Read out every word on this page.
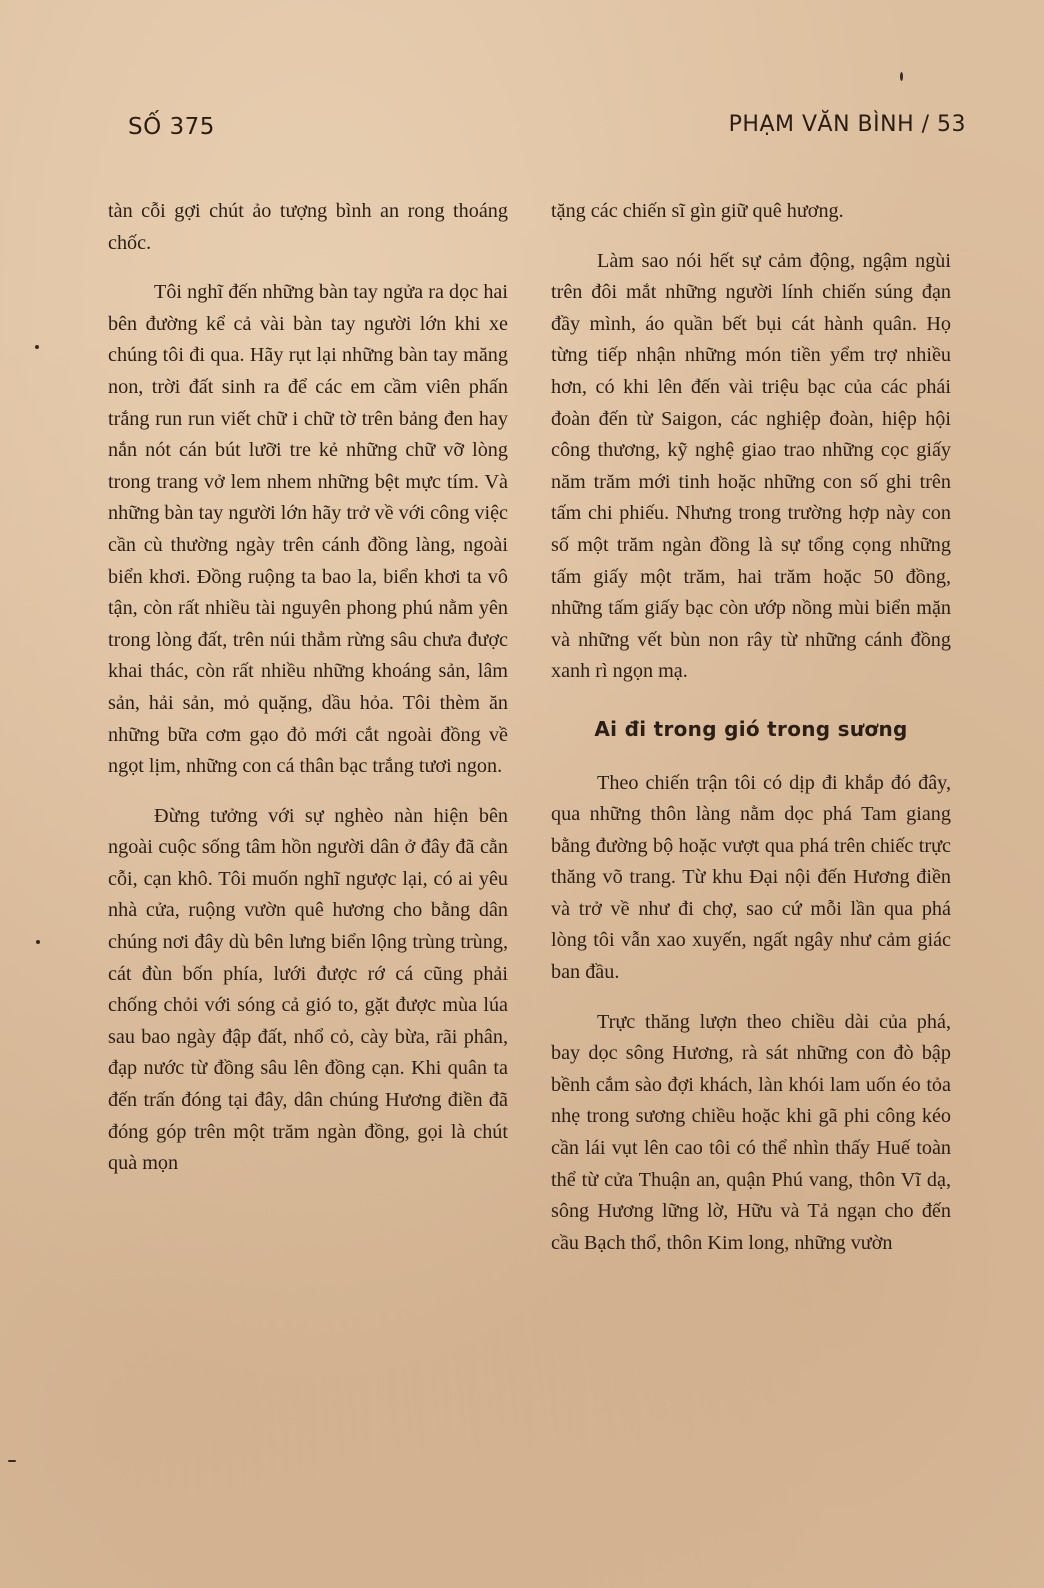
SỐ 375	PHẠM VĂN BÌNH / 53

tàn cỗi gợi chút ảo tượng bình an rong thoáng chốc.

Tôi nghĩ đến những bàn tay ngửa ra dọc hai bên đường kể cả vài bàn tay người lớn khi xe chúng tôi đi qua. Hãy rụt lại những bàn tay măng non, trời đất sinh ra để các em cầm viên phấn trắng run run viết chữ i chữ tờ trên bảng đen hay nắn nót cán bút lưỡi tre kẻ những chữ vỡ lòng trong trang vở lem nhem những bệt mực tím. Và những bàn tay người lớn hãy trở về với công việc cần cù thường ngày trên cánh đồng làng, ngoài biển khơi. Đồng ruộng ta bao la, biển khơi ta vô tận, còn rất nhiều tài nguyên phong phú nằm yên trong lòng đất, trên núi thẳm rừng sâu chưa được khai thác, còn rất nhiều những khoáng sản, lâm sản, hải sản, mỏ quặng, dầu hỏa. Tôi thèm ăn những bữa cơm gạo đỏ mới cắt ngoài đồng về ngọt lịm, những con cá thân bạc trắng tươi ngon.

Đừng tưởng với sự nghèo nàn hiện bên ngoài cuộc sống tâm hồn người dân ở đây đã cằn cỗi, cạn khô. Tôi muốn nghĩ ngược lại, có ai yêu nhà cửa, ruộng vườn quê hương cho bằng dân chúng nơi đây dù bên lưng biển lộng trùng trùng, cát đùn bốn phía, lưới được rớ cá cũng phải chống chỏi với sóng cả gió to, gặt được mùa lúa sau bao ngày đập đất, nhổ cỏ, cày bừa, rãi phân, đạp nước từ đồng sâu lên đồng cạn. Khi quân ta đến trấn đóng tại đây, dân chúng Hương điền đã đóng góp trên một trăm ngàn đồng, gọi là chút quà mọn

tặng các chiến sĩ gìn giữ quê hương.

Làm sao nói hết sự cảm động, ngậm ngùi trên đôi mắt những người lính chiến súng đạn đầy mình, áo quần bết bụi cát hành quân. Họ từng tiếp nhận những món tiền yểm trợ nhiều hơn, có khi lên đến vài triệu bạc của các phái đoàn đến từ Saigon, các nghiệp đoàn, hiệp hội công thương, kỹ nghệ giao trao những cọc giấy năm trăm mới tinh hoặc những con số ghi trên tấm chi phiếu. Nhưng trong trường hợp này con số một trăm ngàn đồng là sự tổng cọng những tấm giấy một trăm, hai trăm hoặc 50 đồng, những tấm giấy bạc còn ướp nồng mùi biển mặn và những vết bùn non rây từ những cánh đồng xanh rì ngọn mạ.

Ai đi trong gió trong sương

Theo chiến trận tôi có dịp đi khắp đó đây, qua những thôn làng nằm dọc phá Tam giang bằng đường bộ hoặc vượt qua phá trên chiếc trực thăng võ trang. Từ khu Đại nội đến Hương điền và trở về như đi chợ, sao cứ mỗi lần qua phá lòng tôi vẫn xao xuyến, ngất ngây như cảm giác ban đầu.

Trực thăng lượn theo chiều dài của phá, bay dọc sông Hương, rà sát những con đò bập bềnh cắm sào đợi khách, làn khói lam uốn éo tỏa nhẹ trong sương chiều hoặc khi gã phi công kéo cần lái vụt lên cao tôi có thể nhìn thấy Huế toàn thể từ cửa Thuận an, quận Phú vang, thôn Vĩ dạ, sông Hương lững lờ, Hữu và Tả ngạn cho đến cầu Bạch thổ, thôn Kim long, những vườn
